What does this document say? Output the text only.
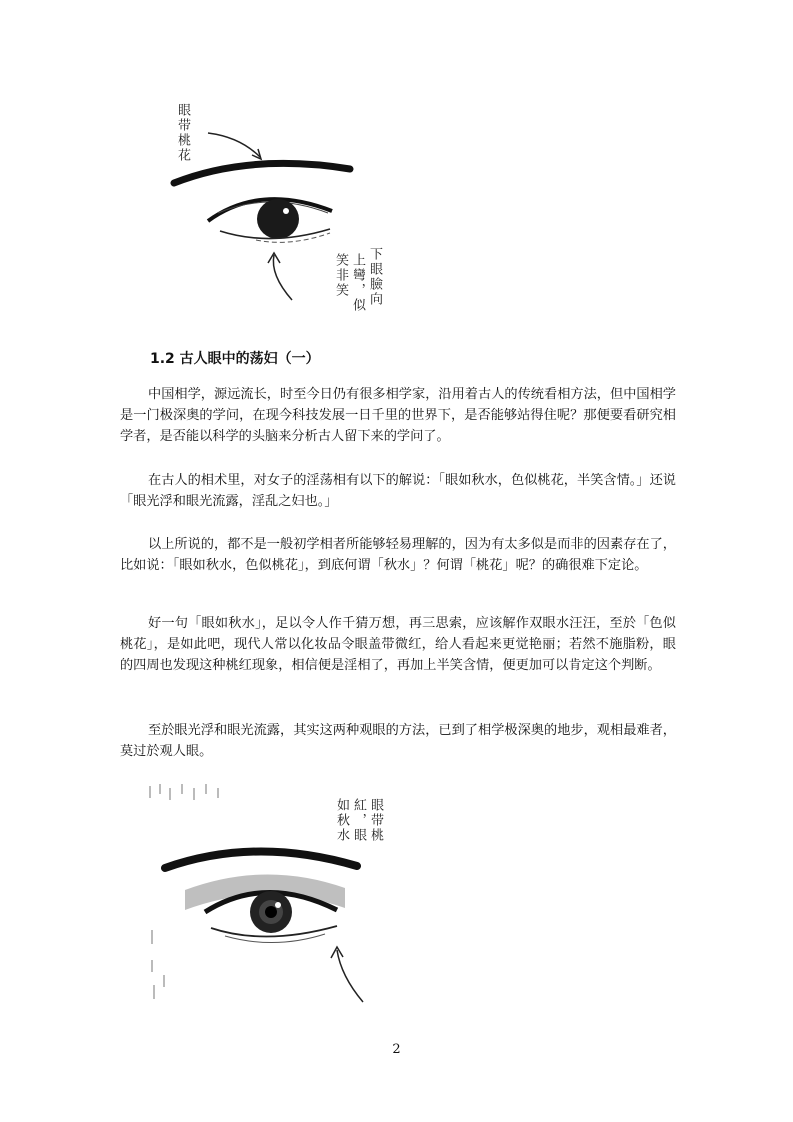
眼带桃花
下眼臉向
上彎，似
笑非笑
1.2 古人眼中的荡妇（一）

中国相学，源远流长，时至今日仍有很多相学家，沿用着古人的传统看相方法，但中国相学是一门极深奥的学问，在现今科技发展一日千里的世界下，是否能够站得住呢？那便要看研究相学者，是否能以科学的头脑来分析古人留下来的学问了。

在古人的相术里，对女子的淫荡相有以下的解说：「眼如秋水，色似桃花，半笑含情。」还说「眼光浮和眼光流露，淫乱之妇也。」

以上所说的，都不是一般初学相者所能够轻易理解的，因为有太多似是而非的因素存在了，比如说：「眼如秋水，色似桃花」，到底何谓「秋水」？何谓「桃花」呢？的确很难下定论。

好一句「眼如秋水」，足以令人作千猜万想，再三思索，应该解作双眼水汪汪，至於「色似桃花」，是如此吧，现代人常以化妆品令眼盖带微红，给人看起来更觉艳丽；若然不施脂粉，眼的四周也发现这种桃红现象，相信便是淫相了，再加上半笑含情，便更加可以肯定这个判断。

至於眼光浮和眼光流露，其实这两种观眼的方法，已到了相学极深奥的地步，观相最难者，莫过於观人眼。

眼带桃
紅，眼
如秋水
2
